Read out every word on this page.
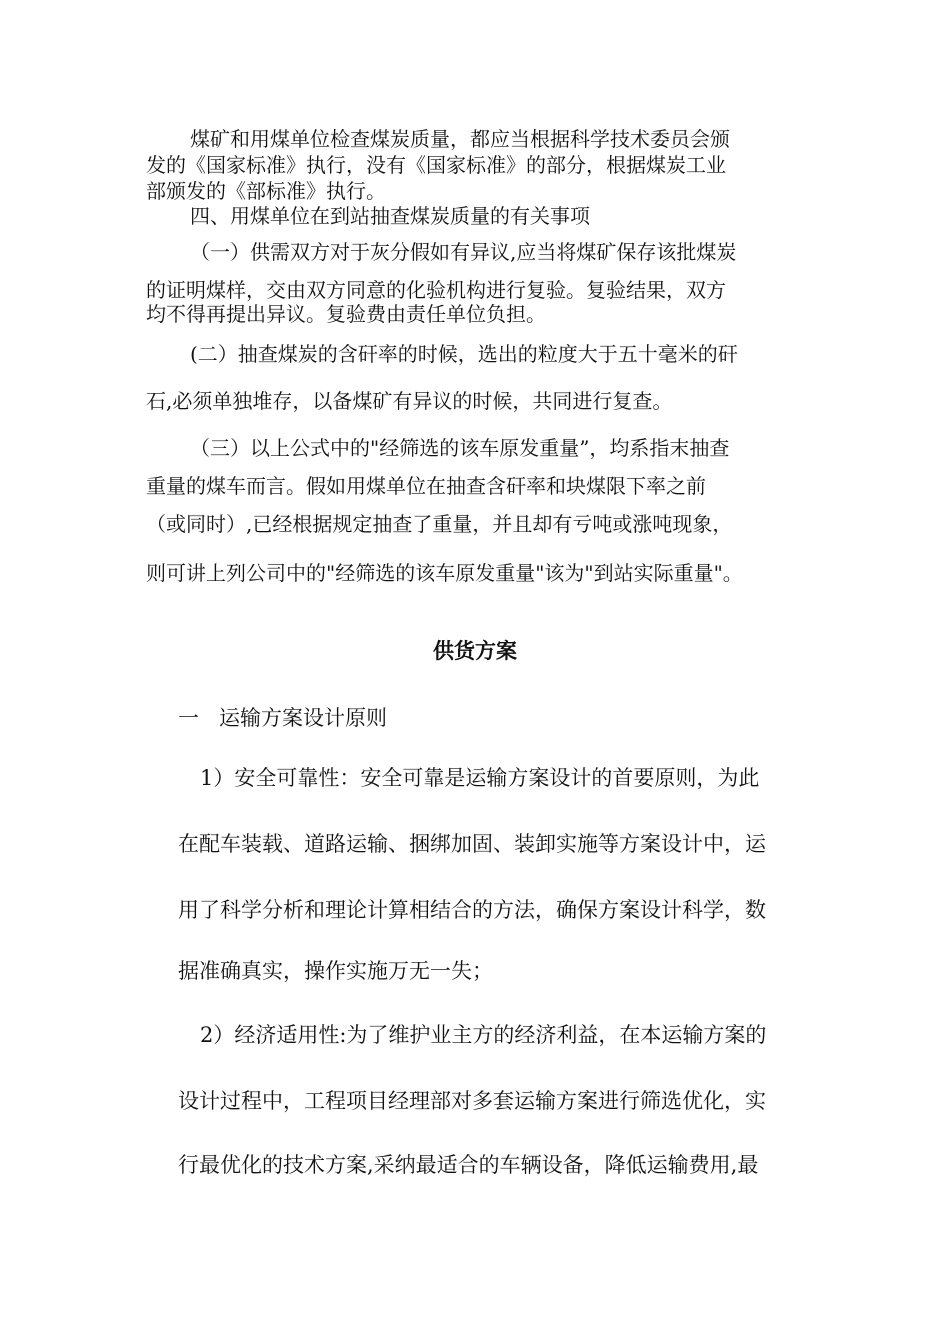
煤矿和用煤单位检查煤炭质量，都应当根据科学技术委员会颁

发的《国家标准》执行，没有《国家标准》的部分，根据煤炭工业

部颁发的《部标准》执行。

四、用煤单位在到站抽查煤炭质量的有关事项

（一）供需双方对于灰分假如有异议,应当将煤矿保存该批煤炭

的证明煤样，交由双方同意的化验机构进行复验。复验结果，双方

均不得再提出异议。复验费由责任单位负担。

(二）抽查煤炭的含矸率的时候，选出的粒度大于五十毫米的矸

石,必须单独堆存，以备煤矿有异议的时候，共同进行复查。

（三）以上公式中的"经筛选的该车原发重量”，均系指末抽查

重量的煤车而言。假如用煤单位在抽查含矸率和块煤限下率之前

（或同时）,已经根据规定抽查了重量，并且却有亏吨或涨吨现象，

则可讲上列公司中的"经筛选的该车原发重量"该为"到站实际重量"。

供货方案

一   运输方案设计原则

1）安全可靠性：安全可靠是运输方案设计的首要原则，为此

在配车装载、道路运输、捆绑加固、装卸实施等方案设计中，运

用了科学分析和理论计算相结合的方法，确保方案设计科学，数

据准确真实，操作实施万无一失；

2）经济适用性:为了维护业主方的经济利益，在本运输方案的

设计过程中，工程项目经理部对多套运输方案进行筛选优化，实

行最优化的技术方案,采纳最适合的车辆设备，降低运输费用,最
